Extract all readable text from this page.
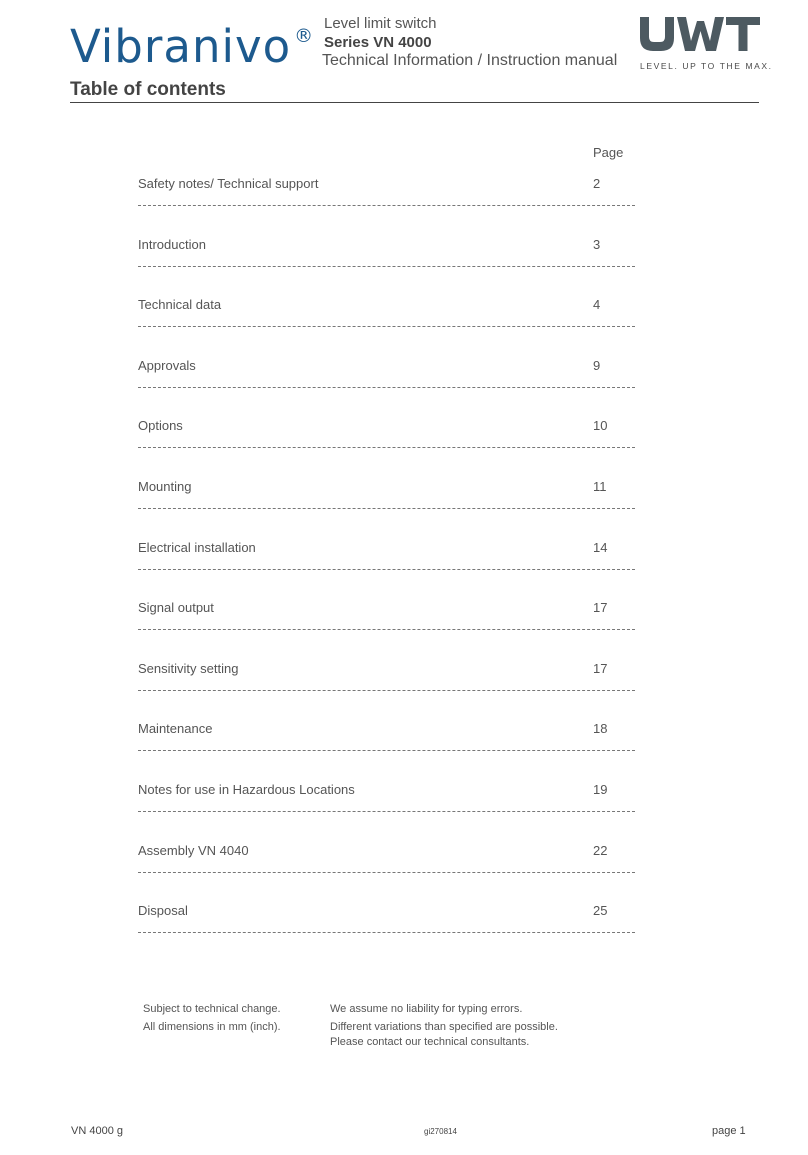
Vibranivo ®
Level limit switch
Series VN 4000
Technical Information / Instruction manual	LEVEL. UP TO THE MAX.
Table of contents
Page
Safety notes/ Technical support	2
Introduction	3
Technical data	4
Approvals	9
Options	10
Mounting	11
Electrical installation	14
Signal output	17
Sensitivity setting	17
Maintenance	18
Notes for use in Hazardous Locations	19
Assembly VN 4040	22
Disposal	25
Subject to technical change.
All dimensions in mm (inch).
We assume no liability for typing errors.
Different variations than specified are possible.
Please contact our technical consultants.
VN 4000 g	gi270814	page 1
